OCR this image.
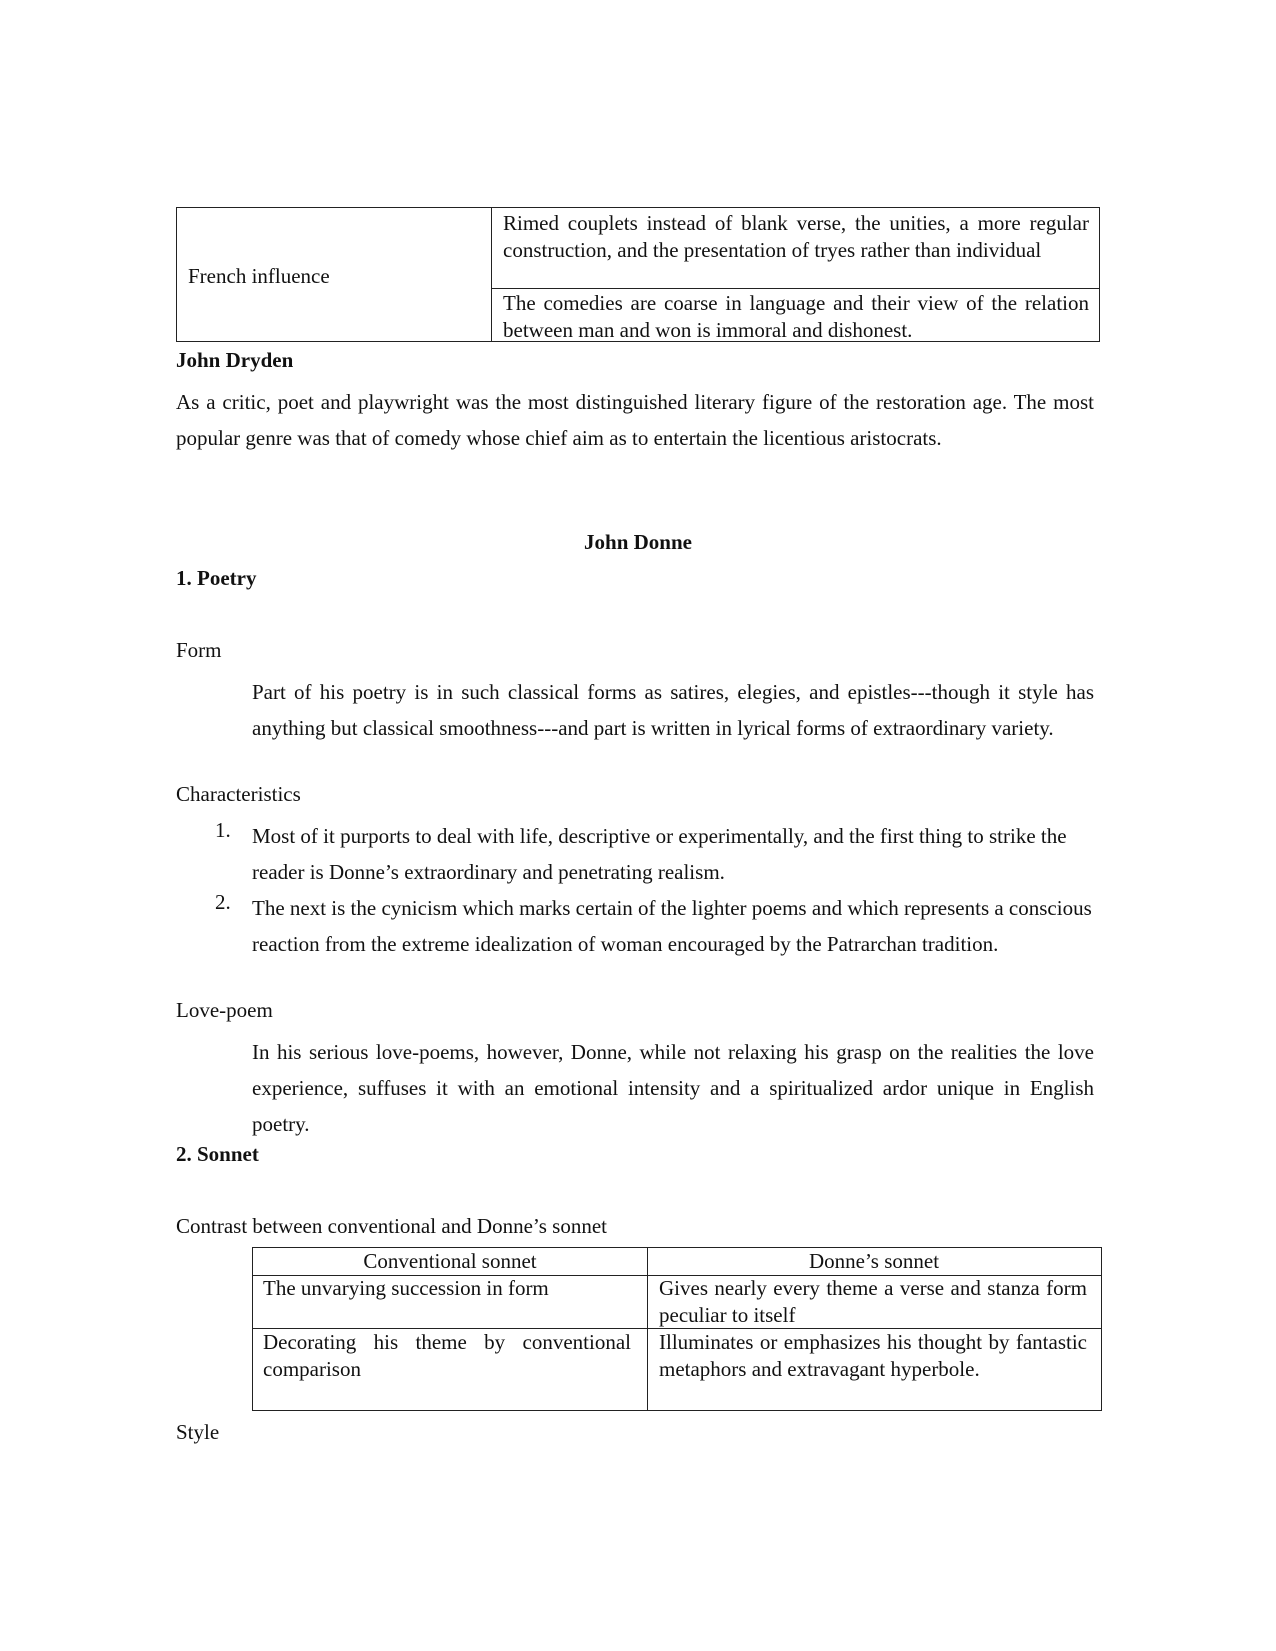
French influence
Rimed couplets instead of blank verse, the unities, a more regular construction, and the presentation of tryes rather than individual
The comedies are coarse in language and their view of the relation between man and won is immoral and dishonest.
John Dryden
As a critic, poet and playwright was the most distinguished literary figure of the restoration age. The most popular genre was that of comedy whose chief aim as to entertain the licentious aristocrats.
John Donne
1. Poetry
Form
Part of his poetry is in such classical forms as satires, elegies, and epistles---though it style has anything but classical smoothness---and part is written in lyrical forms of extraordinary variety.
Characteristics
1. Most of it purports to deal with life, descriptive or experimentally, and the first thing to strike the reader is Donne’s extraordinary and penetrating realism.
2. The next is the cynicism which marks certain of the lighter poems and which represents a conscious reaction from the extreme idealization of woman encouraged by the Patrarchan tradition.
Love-poem
In his serious love-poems, however, Donne, while not relaxing his grasp on the realities the love experience, suffuses it with an emotional intensity and a spiritualized ardor unique in English poetry.
2. Sonnet
Contrast between conventional and Donne’s sonnet
Conventional sonnet	Donne’s sonnet
The unvarying succession in form	Gives nearly every theme a verse and stanza form peculiar to itself
Decorating his theme by conventional comparison
Illuminates or emphasizes his thought by fantastic metaphors and extravagant hyperbole.
Style
